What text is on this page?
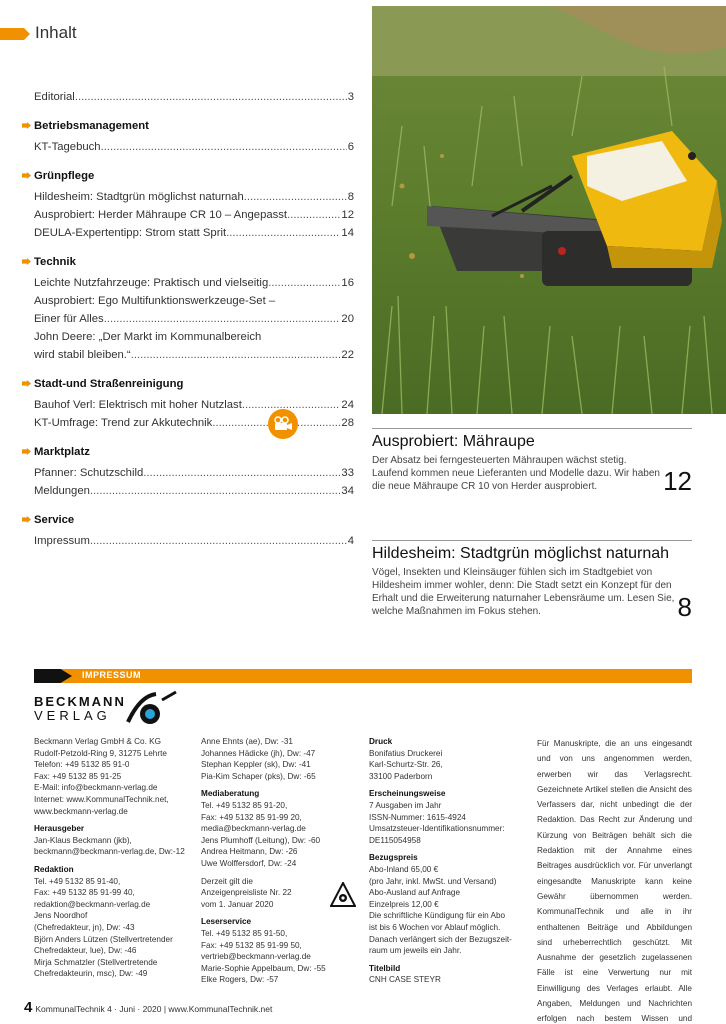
Inhalt
Editorial .....	3
Betriebsmanagement
KT-Tagebuch .....	6
Grünpflege
Hildesheim: Stadtgrün möglichst naturnah .....	8
Ausprobiert: Herder Mähraupe CR 10 – Angepasst .....	12
DEULA-Expertentipp: Strom statt Sprit .....	14
Technik
Leichte Nutzfahrzeuge: Praktisch und vielseitig .....	16
Ausprobiert: Ego Multifunktionswerkzeuge-Set –
Einer für Alles .....	20
John Deere: „Der Markt im Kommunalbereich
wird stabil bleiben.“ .....	22
Stadt-und Straßenreinigung
Bauhof Verl: Elektrisch mit hoher Nutzlast .....	24
KT-Umfrage: Trend zur Akkutechnik .....	28
Marktplatz
Pfanner: Schutzschild .....	33
Meldungen .....	34
Service
Impressum .....	4
Ausprobiert: Mähraupe

Der Absatz bei ferngesteuerten Mähraupen wächst stetig. Laufend kommen neue Lieferanten und Modelle dazu. Wir haben die neue Mähraupe CR 10 von Herder ausprobiert.	12
Hildesheim: Stadtgrün möglichst naturnah

Vögel, Insekten und Kleinsäuger fühlen sich im Stadtgebiet von Hildesheim immer wohler, denn: Die Stadt setzt ein Konzept für den Erhalt und die Erweiterung naturnaher Lebensräume um. Lesen Sie, welche Maßnahmen im Fokus stehen.	8
IMPRESSUM
BECKMANN
VERLAG
Beckmann Verlag GmbH & Co. KG
Rudolf-Petzold-Ring 9, 31275 Lehrte
Telefon: +49 5132 85 91-0
Fax: +49 5132 85 91-25
E-Mail: info@beckmann-verlag.de
Internet: www.KommunalTechnik.net,
www.beckmann-verlag.de
Herausgeber
Jan-Klaus Beckmann (jkb),
beckmann@beckmann-verlag.de, Dw:-12
Redaktion
Tel. +49 5132 85 91-40,
Fax: +49 5132 85 91-99 40,
redaktion@beckmann-verlag.de
Jens Noordhof
(Chefredakteur, jn), Dw: -43
Björn Anders Lützen (Stellvertretender
Chefredakteur, lue), Dw: -46
Mirja Schmatzler (Stellvertretende
Chefredakteurin, msc), Dw: -49
Anne Ehnts (ae), Dw: -31
Johannes Hädicke (jh), Dw: -47
Stephan Keppler (sk), Dw: -41
Pia-Kim Schaper (pks), Dw: -65
Mediaberatung
Tel. +49 5132 85 91-20,
Fax: +49 5132 85 91-99 20,
media@beckmann-verlag.de
Jens Plumhoff (Leitung), Dw: -60
Andrea Heitmann, Dw: -26
Uwe Wolffersdorf, Dw: -24
Derzeit gilt die
Anzeigenpreisliste Nr. 22
vom 1. Januar 2020
Leserservice
Tel. +49 5132 85 91-50,
Fax: +49 5132 85 91-99 50,
vertrieb@beckmann-verlag.de
Marie-Sophie Appelbaum, Dw: -55
Elke Rogers, Dw: -57
Druck
Bonifatius Druckerei
Karl-Schurtz-Str. 26,
33100 Paderborn
Erscheinungsweise
7 Ausgaben im Jahr
ISSN-Nummer: 1615-4924
Umsatzsteuer-Identifikationsnummer:
DE115054958
Bezugspreis
Abo-Inland 65,00 €
(pro Jahr, inkl. MwSt. und Versand)
Abo-Ausland auf Anfrage
Einzelpreis 12,00 €
Die schriftliche Kündigung für ein Abo
ist bis 6 Wochen vor Ablauf möglich.
Danach verlängert sich der Bezugszeit-
raum um jeweils ein Jahr.
Titelbild
CNH CASE STEYR
Für Manuskripte, die an uns eingesandt und von uns angenommen werden, erwerben wir das Verlagsrecht. Gezeichnete Artikel stellen die Ansicht des Verfassers dar, nicht unbedingt die der Redaktion. Das Recht zur Änderung und Kürzung von Beiträgen behält sich die Redaktion mit der Annahme eines Beitrages ausdrücklich vor. Für unverlangt eingesandte Manuskripte kann keine Gewähr übernommen werden. KommunalTechnik und alle in ihr enthaltenen Beiträge und Abbildungen sind urheberrechtlich geschützt. Mit Ausnahme der gesetzlich zugelassenen Fälle ist eine Verwertung nur mit Einwilligung des Verlages erlaubt. Alle Angaben, Meldungen und Nachrichten erfolgen nach bestem Wissen und
4 KommunalTechnik 4 · Juni · 2020 | www.KommunalTechnik.net
